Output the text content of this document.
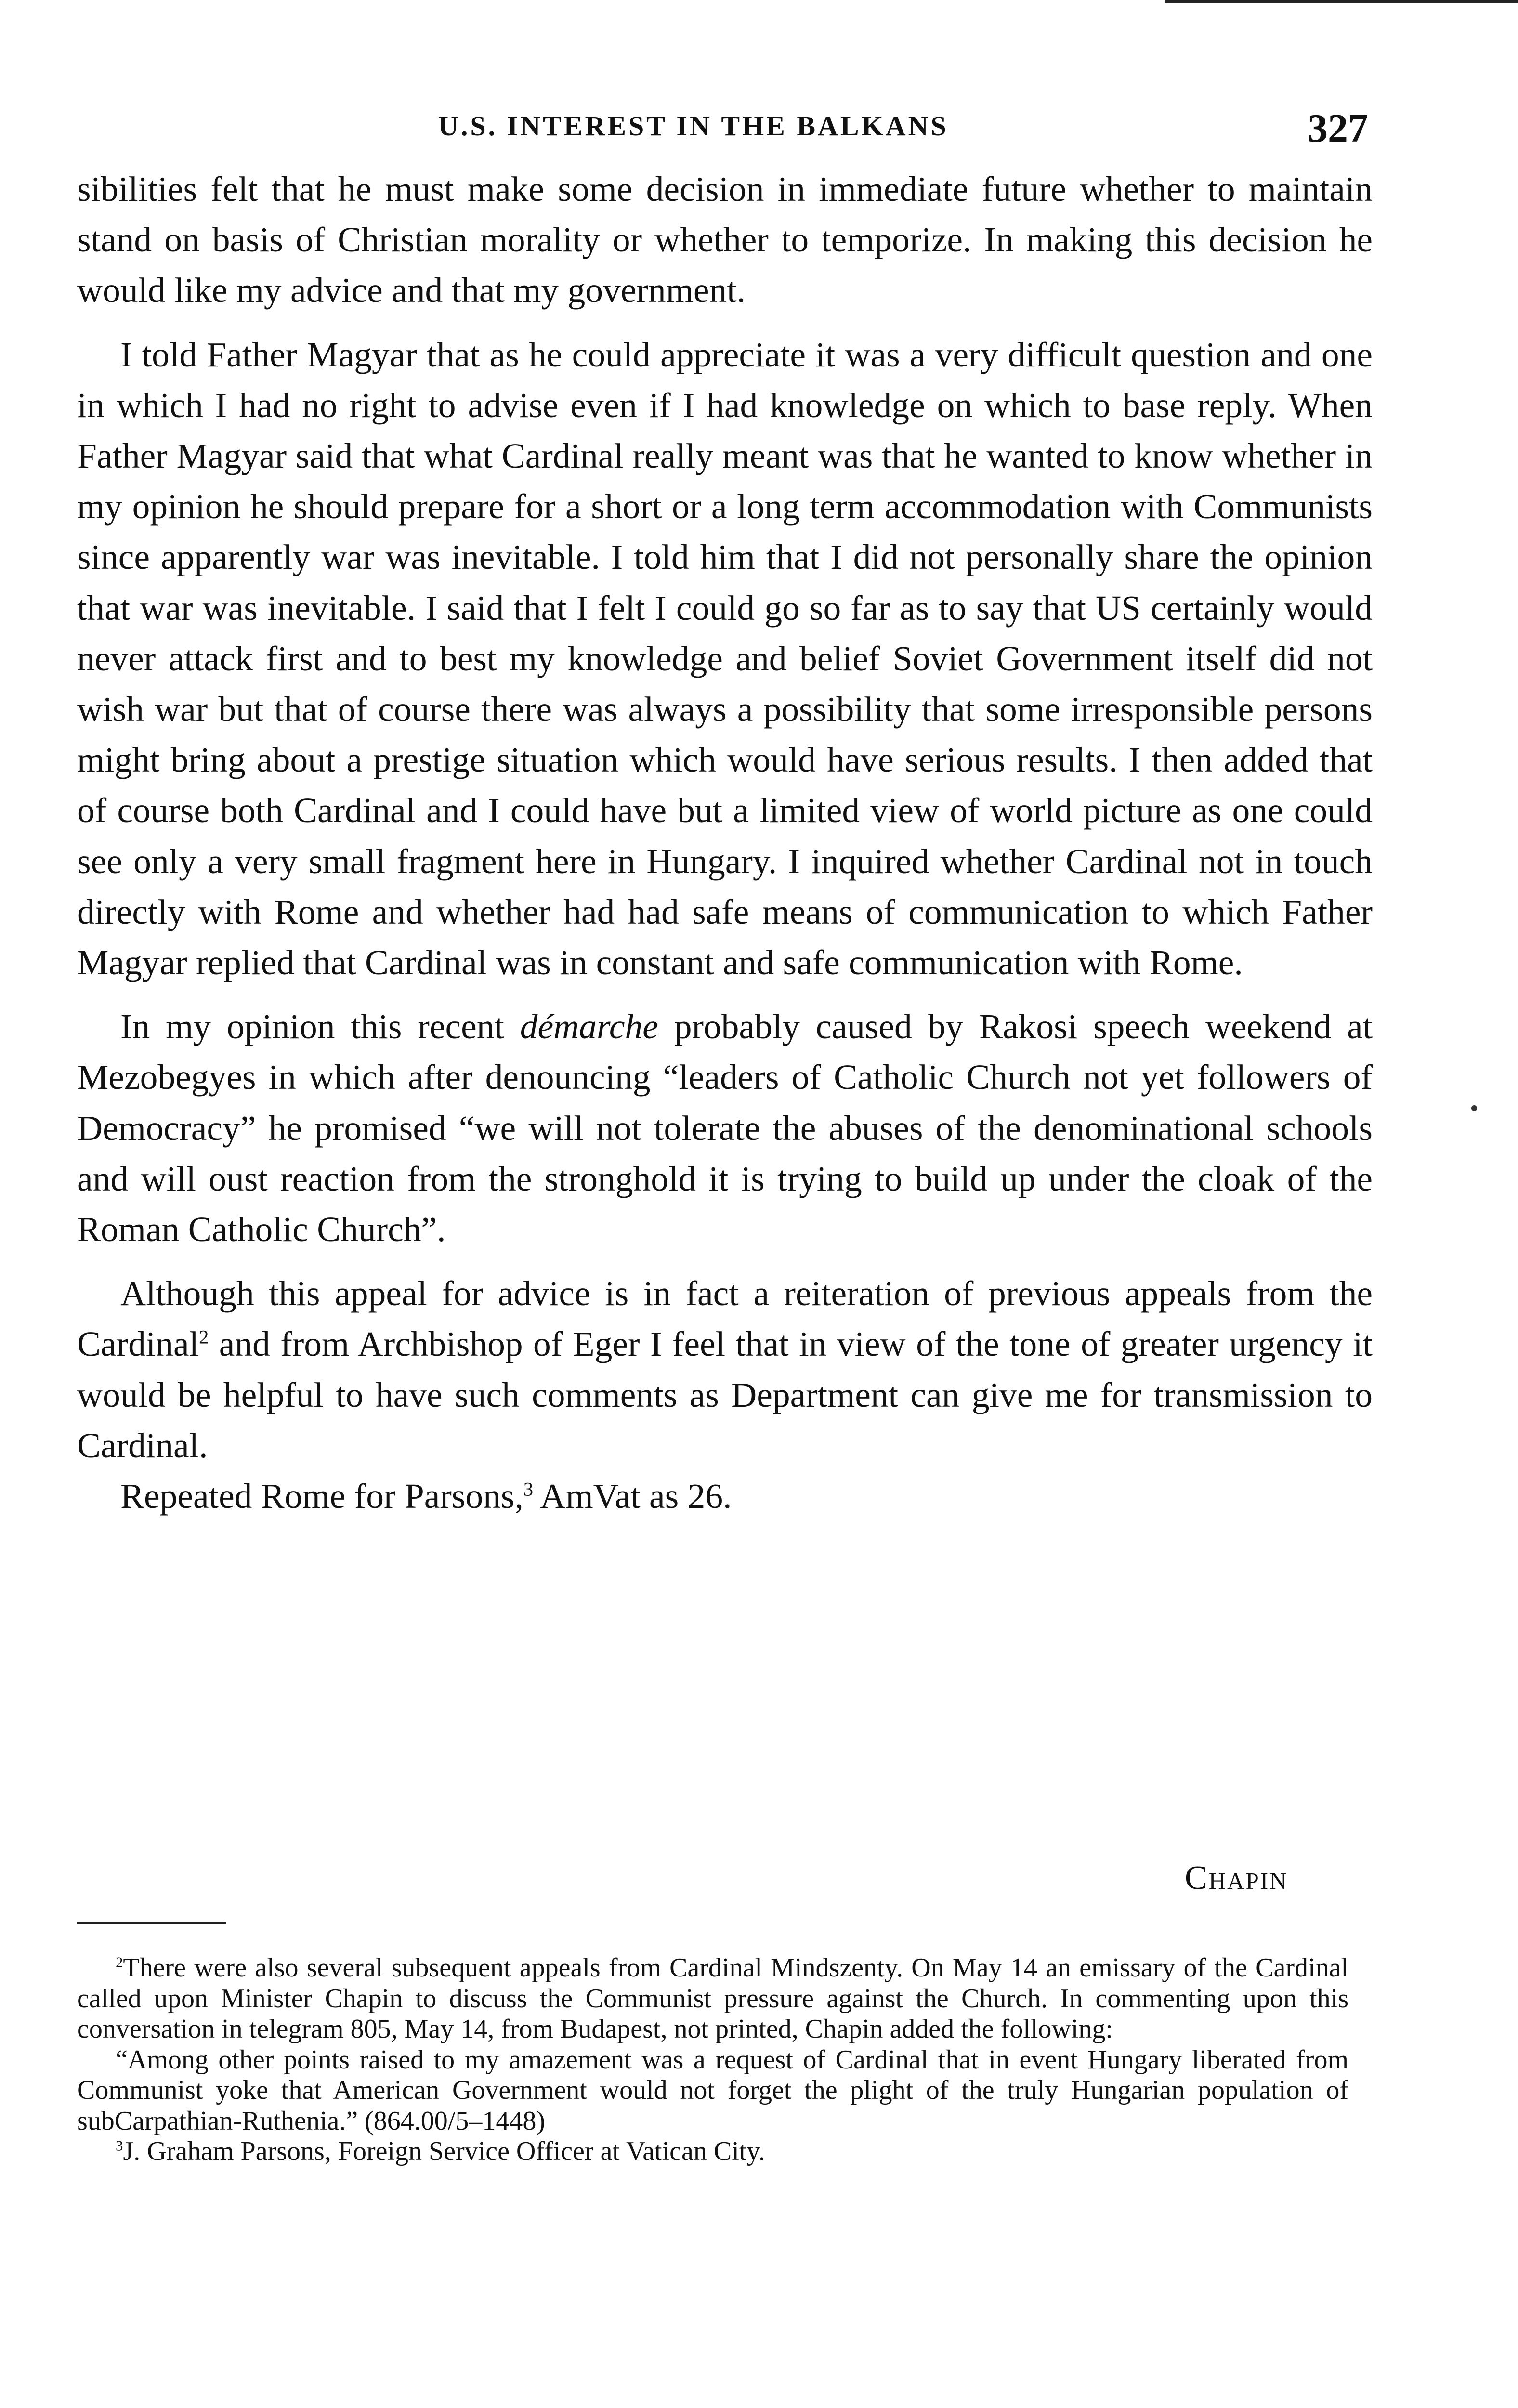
U.S. INTEREST IN THE BALKANS	327

sibilities felt that he must make some decision in immediate future whether to maintain stand on basis of Christian morality or whether to temporize. In making this decision he would like my advice and that my government.

I told Father Magyar that as he could appreciate it was a very difficult question and one in which I had no right to advise even if I had knowledge on which to base reply. When Father Magyar said that what Cardinal really meant was that he wanted to know whether in my opinion he should prepare for a short or a long term accommodation with Communists since apparently war was inevitable. I told him that I did not personally share the opinion that war was inevitable. I said that I felt I could go so far as to say that US certainly would never attack first and to best my knowledge and belief Soviet Government itself did not wish war but that of course there was always a possibility that some irresponsible persons might bring about a prestige situation which would have serious results. I then added that of course both Cardinal and I could have but a limited view of world picture as one could see only a very small fragment here in Hungary. I inquired whether Cardinal not in touch directly with Rome and whether had had safe means of communication to which Father Magyar replied that Cardinal was in constant and safe communication with Rome.

In my opinion this recent démarche probably caused by Rakosi speech weekend at Mezobegyes in which after denouncing “leaders of Catholic Church not yet followers of Democracy” he promised “we will not tolerate the abuses of the denominational schools and will oust reaction from the stronghold it is trying to build up under the cloak of the Roman Catholic Church”.

Although this appeal for advice is in fact a reiteration of previous appeals from the Cardinal$^2$ and from Archbishop of Eger I feel that in view of the tone of greater urgency it would be helpful to have such comments as Department can give me for transmission to Cardinal.

Repeated Rome for Parsons,$^3$ AmVat as 26.

Chapin

$^2$There were also several subsequent appeals from Cardinal Mindszenty. On May 14 an emissary of the Cardinal called upon Minister Chapin to discuss the Communist pressure against the Church. In commenting upon this conversation in telegram 805, May 14, from Budapest, not printed, Chapin added the following:

“Among other points raised to my amazement was a request of Cardinal that in event Hungary liberated from Communist yoke that American Government would not forget the plight of the truly Hungarian population of subCarpathian-Ruthenia.” (864.00/5–1448)

$^3$J. Graham Parsons, Foreign Service Officer at Vatican City.
